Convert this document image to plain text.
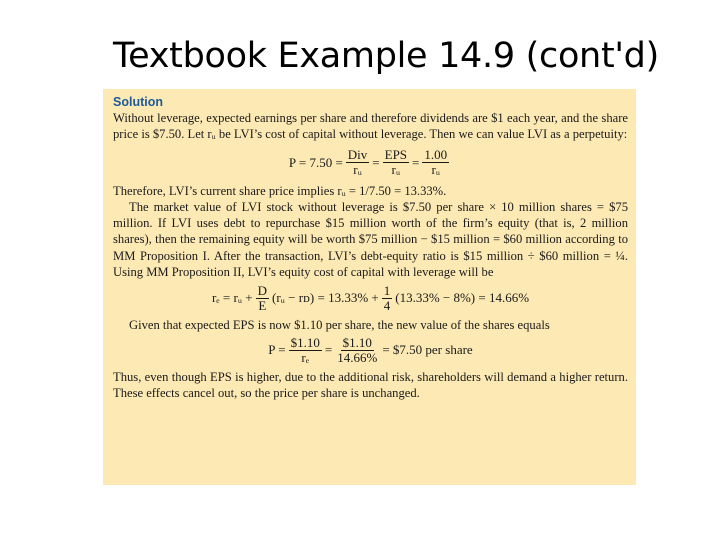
Textbook Example 14.9 (cont'd)
Solution

Without leverage, expected earnings per share and therefore dividends are $1 each year, and the share price is $7.50. Let rᵤ be LVI’s cost of capital without leverage. Then we can value LVI as a perpetuity:

$P = 7.50 = \frac{\text{Div}}{\text{rᵤ}} = \frac{\text{EPS}}{\text{rᵤ}} = \frac{1.00}{\text{rᵤ}}$

Therefore, LVI’s current share price implies rᵤ = 1/7.50 = 13.33%.

The market value of LVI stock without leverage is $7.50 per share × 10 million shares = $75 million. If LVI uses debt to repurchase $15 million worth of the firm’s equity (that is, 2 million shares), then the remaining equity will be worth $75 million − $15 million = $60 million according to MM Proposition I. After the transaction, LVI’s debt-equity ratio is $15 million ÷ $60 million = ¼. Using MM Proposition II, LVI’s equity cost of capital with leverage will be

rₑ = rᵤ + $\frac{D}{E}$ (rᵤ − rᴅ) = $13.33\% + \frac{1}{4} (13.33\% - 8\%) = 14.66\%$

Given that expected EPS is now $1.10 per share, the new value of the shares equals

$P = \frac{\$1.10}{\text{rₑ}} = \frac{\$1.10}{14.66\%}$ = $7.50 per share

Thus, even though EPS is higher, due to the additional risk, shareholders will demand a higher return. These effects cancel out, so the price per share is unchanged.
